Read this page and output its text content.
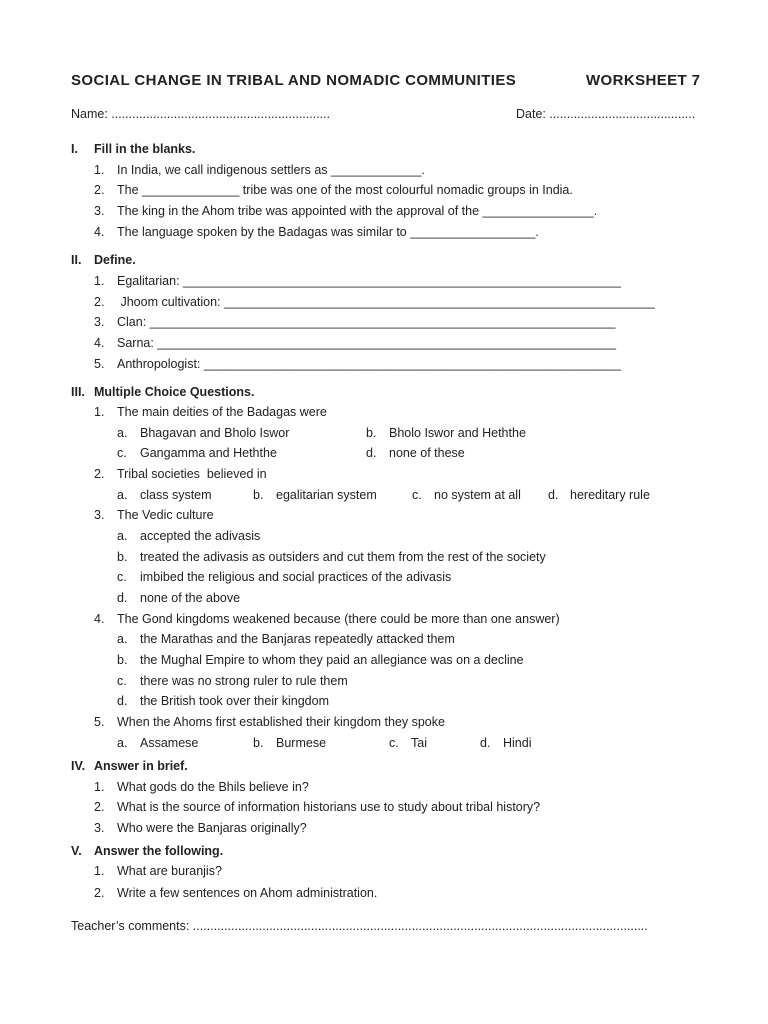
SOCIAL CHANGE IN TRIBAL AND NOMADIC COMMUNITIES	WORKSHEET 7
Name: ...............................................................	Date: ..........................................
I. Fill in the blanks.
1. In India, we call indigenous settlers as _____________.
2. The ______________ tribe was one of the most colourful nomadic groups in India.
3. The king in the Ahom tribe was appointed with the approval of the ________________.
4. The language spoken by the Badagas was similar to __________________.
II. Define.
1. Egalitarian: _______________________________________________________________
2. Jhoom cultivation: ______________________________________________________________
3. Clan: ___________________________________________________________________
4. Sarna: __________________________________________________________________
5. Anthropologist: ____________________________________________________________
III. Multiple Choice Questions.
1. The main deities of the Badagas were
a. Bhagavan and Bholo Iswor	b. Bholo Iswor and Heththe
c. Gangamma and Heththe	d. none of these
2. Tribal societies  believed in
a. class system	b. egalitarian system	c. no system at all d. hereditary rule
3. The Vedic culture
a. accepted the adivasis
b. treated the adivasis as outsiders and cut them from the rest of the society
c. imbibed the religious and social practices of the adivasis
d. none of the above
4. The Gond kingdoms weakened because (there could be more than one answer)
a. the Marathas and the Banjaras repeatedly attacked them
b. the Mughal Empire to whom they paid an allegiance was on a decline
c. there was no strong ruler to rule them
d. the British took over their kingdom
5. When the Ahoms first established their kingdom they spoke
a. Assamese	b. Burmese	c. Tai	d. Hindi
IV. Answer in brief.
1. What gods do the Bhils believe in?
2. What is the source of information historians use to study about tribal history?
3. Who were the Banjaras originally?
V. Answer the following.
1. What are buranjis?
2. Write a few sentences on Ahom administration.
Teacher’s comments: ...................................................................................................................................
